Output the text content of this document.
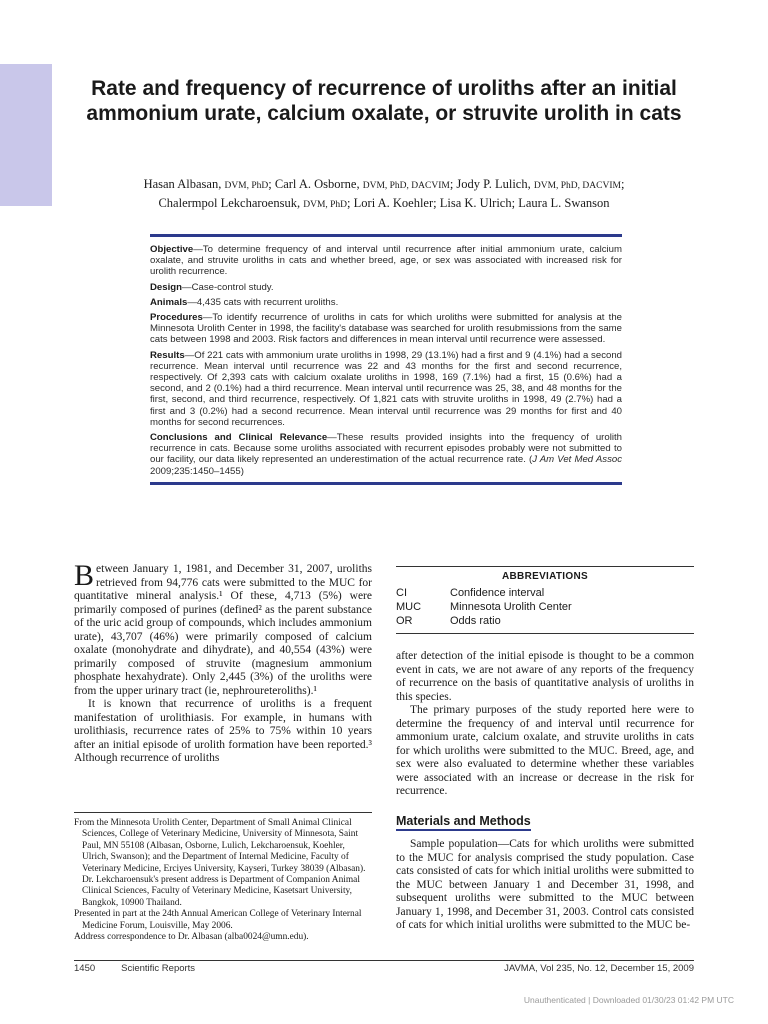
Rate and frequency of recurrence of uroliths after an initial ammonium urate, calcium oxalate, or struvite urolith in cats

Hasan Albasan, DVM, PhD; Carl A. Osborne, DVM, PhD, DACVIM; Jody P. Lulich, DVM, PhD, DACVIM;
Chalermpol Lekcharoensuk, DVM, PhD; Lori A. Koehler; Lisa K. Ulrich; Laura L. Swanson

Objective—To determine frequency of and interval until recurrence after initial ammonium urate, calcium oxalate, and struvite uroliths in cats and whether breed, age, or sex was associated with increased risk for urolith recurrence.

Design—Case-control study.

Animals—4,435 cats with recurrent uroliths.

Procedures—To identify recurrence of uroliths in cats for which uroliths were submitted for analysis at the Minnesota Urolith Center in 1998, the facility's database was searched for urolith resubmissions from the same cats between 1998 and 2003. Risk factors and differences in mean interval until recurrence were assessed.

Results—Of 221 cats with ammonium urate uroliths in 1998, 29 (13.1%) had a first and 9 (4.1%) had a second recurrence. Mean interval until recurrence was 22 and 43 months for the first and second recurrence, respectively. Of 2,393 cats with calcium oxalate uroliths in 1998, 169 (7.1%) had a first, 15 (0.6%) had a second, and 2 (0.1%) had a third recurrence. Mean interval until recurrence was 25, 38, and 48 months for the first, second, and third recurrence, respectively. Of 1,821 cats with struvite uroliths in 1998, 49 (2.7%) had a first and 3 (0.2%) had a second recurrence. Mean interval until recurrence was 29 months for first and 40 months for second recurrences.

Conclusions and Clinical Relevance—These results provided insights into the frequency of urolith recurrence in cats. Because some uroliths associated with recurrent episodes probably were not submitted to our facility, our data likely represented an underestimation of the actual recurrence rate. (J Am Vet Med Assoc 2009;235:1450–1455)

Between January 1, 1981, and December 31, 2007, uroliths retrieved from 94,776 cats were submitted to the MUC for quantitative mineral analysis.¹ Of these, 4,713 (5%) were primarily composed of purines (defined² as the parent substance of the uric acid group of compounds, which includes ammonium urate), 43,707 (46%) were primarily composed of calcium oxalate (monohydrate and dihydrate), and 40,554 (43%) were primarily composed of struvite (magnesium ammonium phosphate hexahydrate). Only 2,445 (3%) of the uroliths were from the upper urinary tract (ie, nephroureteroliths).¹

It is known that recurrence of uroliths is a frequent manifestation of urolithiasis. For example, in humans with urolithiasis, recurrence rates of 25% to 75% within 10 years after an initial episode of urolith formation have been reported.³ Although recurrence of uroliths

From the Minnesota Urolith Center, Department of Small Animal Clinical Sciences, College of Veterinary Medicine, University of Minnesota, Saint Paul, MN 55108 (Albasan, Osborne, Lulich, Lekcharoensuk, Koehler, Ulrich, Swanson); and the Department of Internal Medicine, Faculty of Veterinary Medicine, Erciyes University, Kayseri, Turkey 38039 (Albasan). Dr. Lekcharoensuk's present address is Department of Companion Animal Clinical Sciences, Faculty of Veterinary Medicine, Kasetsart University, Bangkok, 10900 Thailand.

Presented in part at the 24th Annual American College of Veterinary Internal Medicine Forum, Louisville, May 2006.

Address correspondence to Dr. Albasan (alba0024@umn.edu).

ABBREVIATIONS
CI	Confidence interval
MUC	Minnesota Urolith Center
OR	Odds ratio

after detection of the initial episode is thought to be a common event in cats, we are not aware of any reports of the frequency of recurrence on the basis of quantitative analysis of uroliths in this species.

The primary purposes of the study reported here were to determine the frequency of and interval until recurrence for ammonium urate, calcium oxalate, and struvite uroliths in cats for which uroliths were submitted to the MUC. Breed, age, and sex were also evaluated to determine whether these variables were associated with an increase or decrease in the risk for recurrence.

Materials and Methods

Sample population—Cats for which uroliths were submitted to the MUC for analysis comprised the study population. Case cats consisted of cats for which initial uroliths were submitted to the MUC between January 1 and December 31, 1998, and subsequent uroliths were submitted to the MUC between January 1, 1998, and December 31, 2003. Control cats consisted of cats for which initial uroliths were submitted to the MUC be-

1450	Scientific Reports	JAVMA, Vol 235, No. 12, December 15, 2009
Unauthenticated | Downloaded 01/30/23 01:42 PM UTC
